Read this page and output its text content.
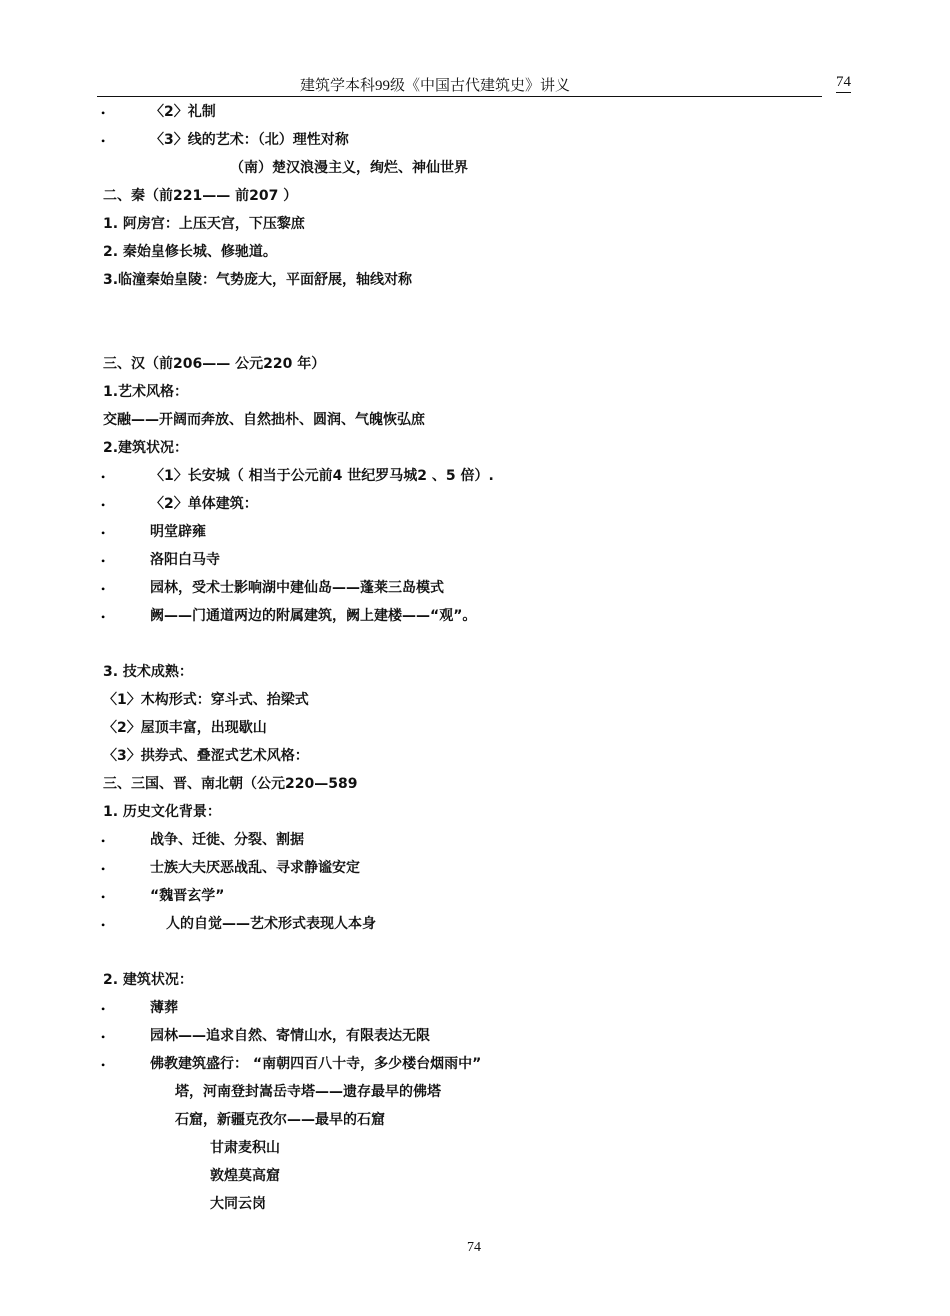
建筑学本科99级《中国古代建筑史》讲义	74
•	〈2〉礼制
•	〈3〉线的艺术：（北）理性对称
（南）楚汉浪漫主义，绚烂、神仙世界
二、秦（前221—— 前207 ）
1. 阿房宫：上压天宫，下压黎庶
2. 秦始皇修长城、修驰道。
3.临潼秦始皇陵：气势庞大，平面舒展，轴线对称
三、汉（前206—— 公元220 年）
1.艺术风格：
交融——开阔而奔放、自然拙朴、圆润、气魄恢弘庶
2.建筑状况：
•	〈1〉长安城（ 相当于公元前4 世纪罗马城2 、5 倍）.
•	〈2〉单体建筑：
•	明堂辟雍
•	洛阳白马寺
•	园林，受术士影响湖中建仙岛——蓬莱三岛模式
•	阙——门通道两边的附属建筑，阙上建楼——“观”。
3. 技术成熟：
〈1〉木构形式：穿斗式、抬梁式
〈2〉屋顶丰富，出现歇山
〈3〉拱券式、叠涩式艺术风格：
三、三国、晋、南北朝（公元220—589
1. 历史文化背景：
•	战争、迁徙、分裂、割据
•	士族大夫厌恶战乱、寻求静谧安定
•	“魏晋玄学”
•	人的自觉——艺术形式表现人本身
2. 建筑状况：
•	薄葬
•	园林——追求自然、寄情山水，有限表达无限
•	佛教建筑盛行： “南朝四百八十寺，多少楼台烟雨中”
塔，河南登封嵩岳寺塔——遗存最早的佛塔
石窟，新疆克孜尔——最早的石窟
甘肃麦积山
敦煌莫高窟
大同云岗
74
